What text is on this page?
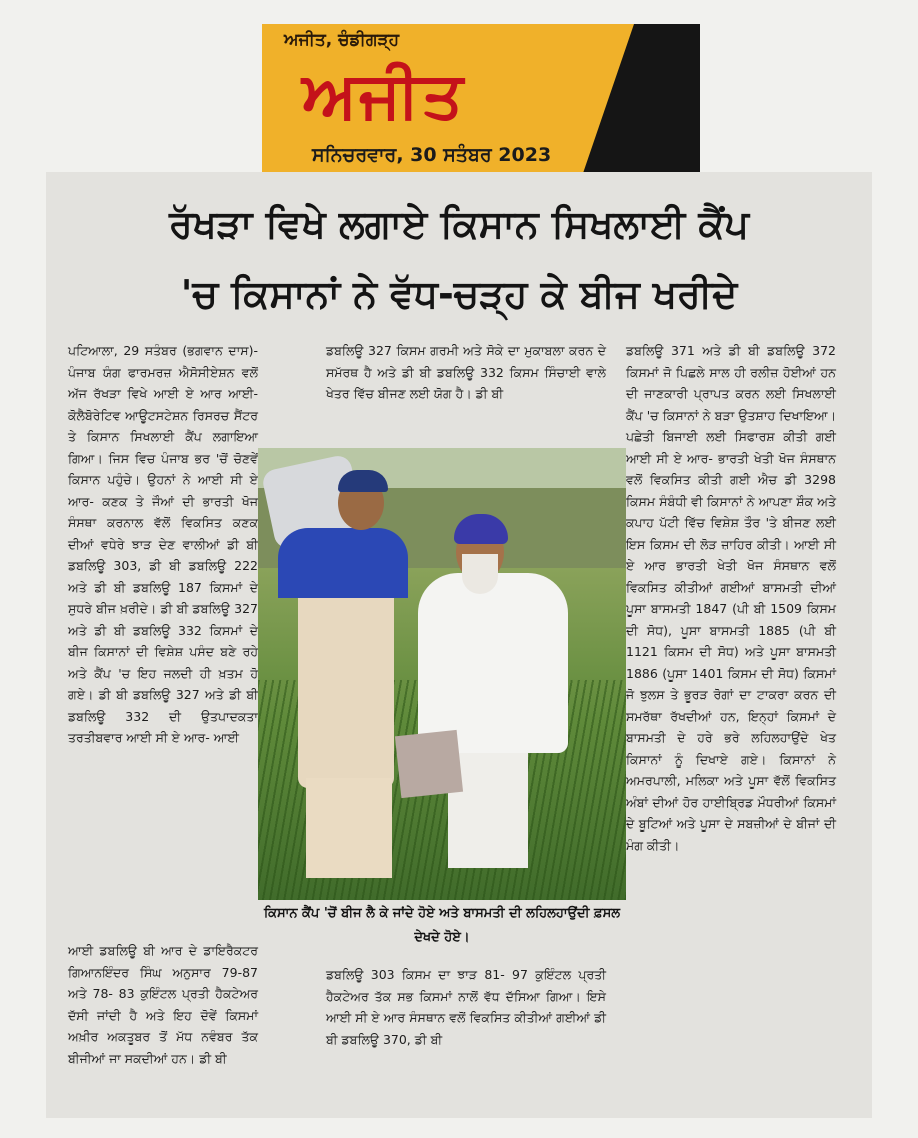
ਅਜੀਤ, ਚੰਡੀਗੜ੍ਹ
ਅਜੀਤ
ਸਨਿਚਰਵਾਰ, 30 ਸਤੰਬਰ 2023
ਰੱਖੜਾ ਵਿਖੇ ਲਗਾਏ ਕਿਸਾਨ ਸਿਖਲਾਈ ਕੈਂਪ
'ਚ ਕਿਸਾਨਾਂ ਨੇ ਵੱਧ-ਚੜ੍ਹ ਕੇ ਬੀਜ ਖਰੀਦੇ

ਪਟਿਆਲਾ, 29 ਸਤੰਬਰ (ਭਗਵਾਨ ਦਾਸ)- ਪੰਜਾਬ ਯੰਗ ਫਾਰਮਰਜ਼ ਐਸੋਸੀਏਸ਼ਨ ਵਲੋਂ ਅੱਜ ਰੱਖੜਾ ਵਿਖੇ ਆਈ ਏ ਆਰ ਆਈ- ਕੋਲੈਬੋਰੇਟਿਵ ਆਊਟਸਟੇਸ਼ਨ ਰਿਸਰਚ ਸੈਂਟਰ ਤੇ ਕਿਸਾਨ ਸਿਖਲਾਈ ਕੈਂਪ ਲਗਾਇਆ ਗਿਆ। ਜਿਸ ਵਿਚ ਪੰਜਾਬ ਭਰ 'ਚੋਂ ਚੋਣਵੇਂ ਕਿਸਾਨ ਪਹੁੰਚੇ। ਉਹਨਾਂ ਨੇ ਆਈ ਸੀ ਏ ਆਰ- ਕਣਕ ਤੇ ਜੌਆਂ ਦੀ ਭਾਰਤੀ ਖੋਜ ਸੰਸਥਾ ਕਰਨਾਲ ਵੱਲੋਂ ਵਿਕਸਿਤ ਕਣਕ ਦੀਆਂ ਵਧੇਰੇ ਝਾੜ ਦੇਣ ਵਾਲੀਆਂ ਡੀ ਬੀ ਡਬਲਿਊ 303, ਡੀ ਬੀ ਡਬਲਿਊ 222 ਅਤੇ ਡੀ ਬੀ ਡਬਲਿਊ 187 ਕਿਸਮਾਂ ਦੇ ਸੁਧਰੇ ਬੀਜ ਖ਼ਰੀਦੇ। ਡੀ ਬੀ ਡਬਲਿਊ 327 ਅਤੇ ਡੀ ਬੀ ਡਬਲਿਊ 332 ਕਿਸਮਾਂ ਦੇ ਬੀਜ ਕਿਸਾਨਾਂ ਦੀ ਵਿਸ਼ੇਸ਼ ਪਸੰਦ ਬਣੇ ਰਹੇ ਅਤੇ ਕੈਂਪ 'ਚ ਇਹ ਜਲਦੀ ਹੀ ਖ਼ਤਮ ਹੋ ਗਏ। ਡੀ ਬੀ ਡਬਲਿਊ 327 ਅਤੇ ਡੀ ਬੀ ਡਬਲਿਊ 332 ਦੀ ਉਤਪਾਦਕਤਾ ਤਰਤੀਬਵਾਰ ਆਈ ਸੀ ਏ ਆਰ- ਆਈ

ਡਬਲਿਊ 327 ਕਿਸਮ ਗਰਮੀ ਅਤੇ ਸੋਕੇ ਦਾ ਮੁਕਾਬਲਾ ਕਰਨ ਦੇ ਸਮੱਰਥ ਹੈ ਅਤੇ ਡੀ ਬੀ ਡਬਲਿਊ 332 ਕਿਸਮ ਸਿੰਚਾਈ ਵਾਲੇ ਖੇਤਰ ਵਿੱਚ ਬੀਜਣ ਲਈ ਯੋਗ ਹੈ। ਡੀ ਬੀ

ਡਬਲਿਊ 371 ਅਤੇ ਡੀ ਬੀ ਡਬਲਿਊ 372 ਕਿਸਮਾਂ ਜੋ ਪਿਛਲੇ ਸਾਲ ਹੀ ਰਲੀਜ਼ ਹੋਈਆਂ ਹਨ ਦੀ ਜਾਣਕਾਰੀ ਪ੍ਰਾਪਤ ਕਰਨ ਲਈ ਸਿਖਲਾਈ ਕੈਂਪ 'ਚ ਕਿਸਾਨਾਂ ਨੇ ਬੜਾ ਉਤਸ਼ਾਹ ਦਿਖਾਇਆ। ਪਛੇਤੀ ਬਿਜਾਈ ਲਈ ਸਿਫਾਰਸ਼ ਕੀਤੀ ਗਈ ਆਈ ਸੀ ਏ ਆਰ- ਭਾਰਤੀ ਖੇਤੀ ਖੋਜ ਸੰਸਥਾਨ ਵਲੋਂ ਵਿਕਸਿਤ ਕੀਤੀ ਗਈ ਐਚ ਡੀ 3298 ਕਿਸਮ ਸੰਬੰਧੀ ਵੀ ਕਿਸਾਨਾਂ ਨੇ ਆਪਣਾ ਸ਼ੌਕ ਅਤੇ ਕਪਾਹ ਪੱਟੀ ਵਿੱਚ ਵਿਸ਼ੇਸ਼ ਤੌਰ 'ਤੇ ਬੀਜਣ ਲਈ ਇਸ ਕਿਸਮ ਦੀ ਲੋੜ ਜ਼ਾਹਿਰ ਕੀਤੀ। ਆਈ ਸੀ ਏ ਆਰ ਭਾਰਤੀ ਖੇਤੀ ਖੋਜ ਸੰਸਥਾਨ ਵਲੋਂ ਵਿਕਸਿਤ ਕੀਤੀਆਂ ਗਈਆਂ ਬਾਸਮਤੀ ਦੀਆਂ ਪੂਸਾ ਬਾਸਮਤੀ 1847 (ਪੀ ਬੀ 1509 ਕਿਸਮ ਦੀ ਸੋਧ), ਪੂਸਾ ਬਾਸਮਤੀ 1885 (ਪੀ ਬੀ 1121 ਕਿਸਮ ਦੀ ਸੋਧ) ਅਤੇ ਪੂਸਾ ਬਾਸਮਤੀ 1886 (ਪੂਸਾ 1401 ਕਿਸਮ ਦੀ ਸੋਧ) ਕਿਸਮਾਂ ਜੋ ਝੁਲਸ ਤੇ ਭੂਰੜ ਰੋਗਾਂ ਦਾ ਟਾਕਰਾ ਕਰਨ ਦੀ ਸਮਰੱਥਾ ਰੱਖਦੀਆਂ ਹਨ, ਇਨ੍ਹਾਂ ਕਿਸਮਾਂ ਦੇ ਬਾਸਮਤੀ ਦੇ ਹਰੇ ਭਰੇ ਲਹਿਲਹਾਉਂਦੇ ਖੇਤ ਕਿਸਾਨਾਂ ਨੂੰ ਦਿਖਾਏ ਗਏ। ਕਿਸਾਨਾਂ ਨੇ ਅਮਰਪਾਲੀ, ਮਲਿਕਾ ਅਤੇ ਪੂਸਾ ਵੱਲੋਂ ਵਿਕਸਿਤ ਅੰਬਾਂ ਦੀਆਂ ਹੋਰ ਹਾਈਬ੍ਰਿਡ ਮੌਧਰੀਆਂ ਕਿਸਮਾਂ ਦੇ ਬੂਟਿਆਂ ਅਤੇ ਪੂਸਾ ਦੇ ਸਬਜ਼ੀਆਂ ਦੇ ਬੀਜਾਂ ਦੀ ਮੰਗ ਕੀਤੀ।

ਕਿਸਾਨ ਕੈਂਪ 'ਚੋਂ ਬੀਜ ਲੈ ਕੇ ਜਾਂਦੇ ਹੋਏ ਅਤੇ ਬਾਸਮਤੀ ਦੀ ਲਹਿਲਹਾਉਂਦੀ ਫ਼ਸਲ ਦੇਖਦੇ ਹੋਏ।

ਆਈ ਡਬਲਿਊ ਬੀ ਆਰ ਦੇ ਡਾਇਰੈਕਟਰ ਗਿਆਨਇੰਦਰ ਸਿੰਘ ਅਨੁਸਾਰ 79-87 ਅਤੇ 78- 83 ਕੁਇੰਟਲ ਪ੍ਰਤੀ ਹੈਕਟੇਅਰ ਦੱਸੀ ਜਾਂਦੀ ਹੈ ਅਤੇ ਇਹ ਦੋਵੇਂ ਕਿਸਮਾਂ ਅਖ਼ੀਰ ਅਕਤੂਬਰ ਤੋਂ ਮੱਧ ਨਵੰਬਰ ਤੱਕ ਬੀਜੀਆਂ ਜਾ ਸਕਦੀਆਂ ਹਨ। ਡੀ ਬੀ

ਡਬਲਿਊ 303 ਕਿਸਮ ਦਾ ਝਾੜ 81- 97 ਕੁਇੰਟਲ ਪ੍ਰਤੀ ਹੈਕਟੇਅਰ ਤੱਕ ਸਭ ਕਿਸਮਾਂ ਨਾਲੋਂ ਵੱਧ ਦੱਸਿਆ ਗਿਆ। ਇਸੇ ਆਈ ਸੀ ਏ ਆਰ ਸੰਸਥਾਨ ਵਲੋਂ ਵਿਕਸਿਤ ਕੀਤੀਆਂ ਗਈਆਂ ਡੀ ਬੀ ਡਬਲਿਊ 370, ਡੀ ਬੀ
